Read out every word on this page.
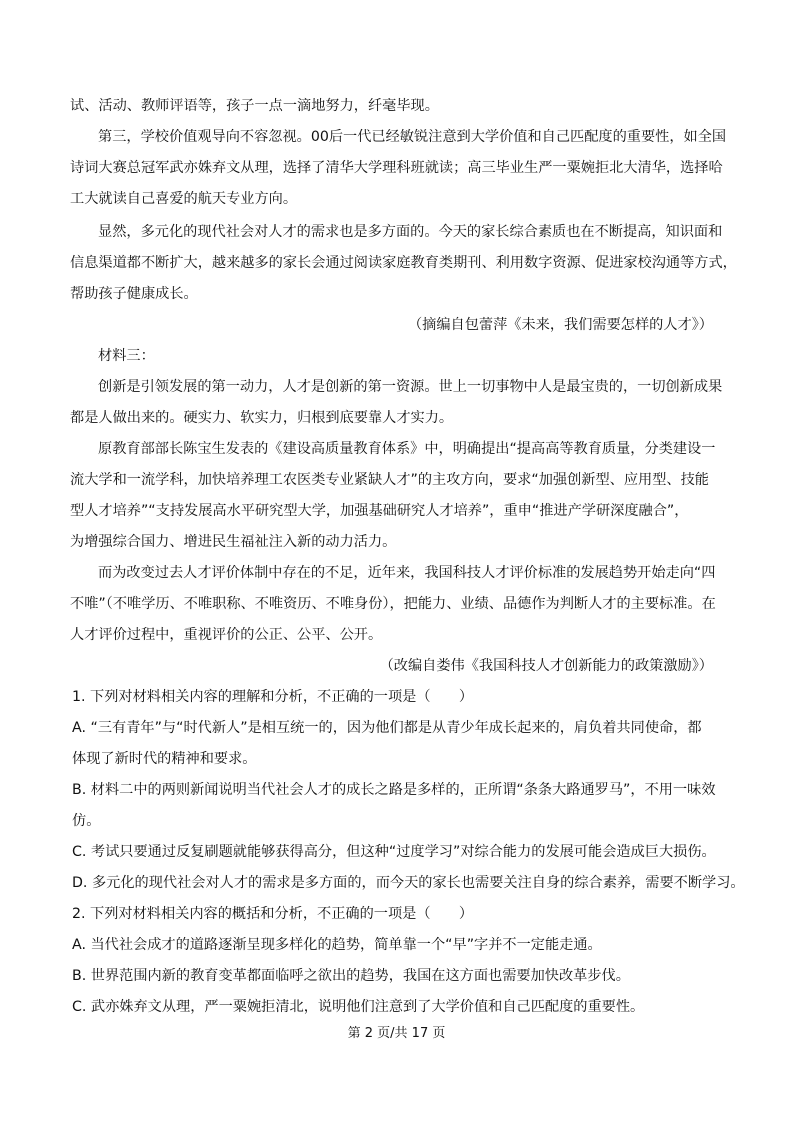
试、活动、教师评语等，孩子一点一滴地努力，纤毫毕现。
第三，学校价值观导向不容忽视。00后一代已经敏锐注意到大学价值和自己匹配度的重要性，如全国
诗词大赛总冠军武亦姝弃文从理，选择了清华大学理科班就读；高三毕业生严一粟婉拒北大清华，选择哈
工大就读自己喜爱的航天专业方向。
显然，多元化的现代社会对人才的需求也是多方面的。今天的家长综合素质也在不断提高，知识面和
信息渠道都不断扩大，越来越多的家长会通过阅读家庭教育类期刊、利用数字资源、促进家校沟通等方式，
帮助孩子健康成长。
（摘编自包蕾萍《未来，我们需要怎样的人才》）
材料三：
创新是引领发展的第一动力，人才是创新的第一资源。世上一切事物中人是最宝贵的，一切创新成果
都是人做出来的。硬实力、软实力，归根到底要靠人才实力。
原教育部部长陈宝生发表的《建设高质量教育体系》中，明确提出“提高高等教育质量，分类建设一
流大学和一流学科，加快培养理工农医类专业紧缺人才”的主攻方向，要求“加强创新型、应用型、技能
型人才培养”“支持发展高水平研究型大学，加强基础研究人才培养”，重申“推进产学研深度融合”，
为增强综合国力、增进民生福祉注入新的动力活力。
而为改变过去人才评价体制中存在的不足，近年来，我国科技人才评价标准的发展趋势开始走向“四
不唯”（不唯学历、不唯职称、不唯资历、不唯身份），把能力、业绩、品德作为判断人才的主要标准。在
人才评价过程中，重视评价的公正、公平、公开。
（改编自娄伟《我国科技人才创新能力的政策激励》）
1. 下列对材料相关内容的理解和分析，不正确的一项是（　　）
A. “三有青年”与“时代新人”是相互统一的，因为他们都是从青少年成长起来的，肩负着共同使命，都
体现了新时代的精神和要求。
B. 材料二中的两则新闻说明当代社会人才的成长之路是多样的，正所谓“条条大路通罗马”，不用一味效
仿。
C. 考试只要通过反复刷题就能够获得高分，但这种“过度学习”对综合能力的发展可能会造成巨大损伤。
D. 多元化的现代社会对人才的需求是多方面的，而今天的家长也需要关注自身的综合素养，需要不断学习。
2. 下列对材料相关内容的概括和分析，不正确的一项是（　　）
A. 当代社会成才的道路逐渐呈现多样化的趋势，简单靠一个“早”字并不一定能走通。
B. 世界范围内新的教育变革都面临呼之欲出的趋势，我国在这方面也需要加快改革步伐。
C. 武亦姝弃文从理，严一粟婉拒清北，说明他们注意到了大学价值和自己匹配度的重要性。
第 2 页/共 17 页
